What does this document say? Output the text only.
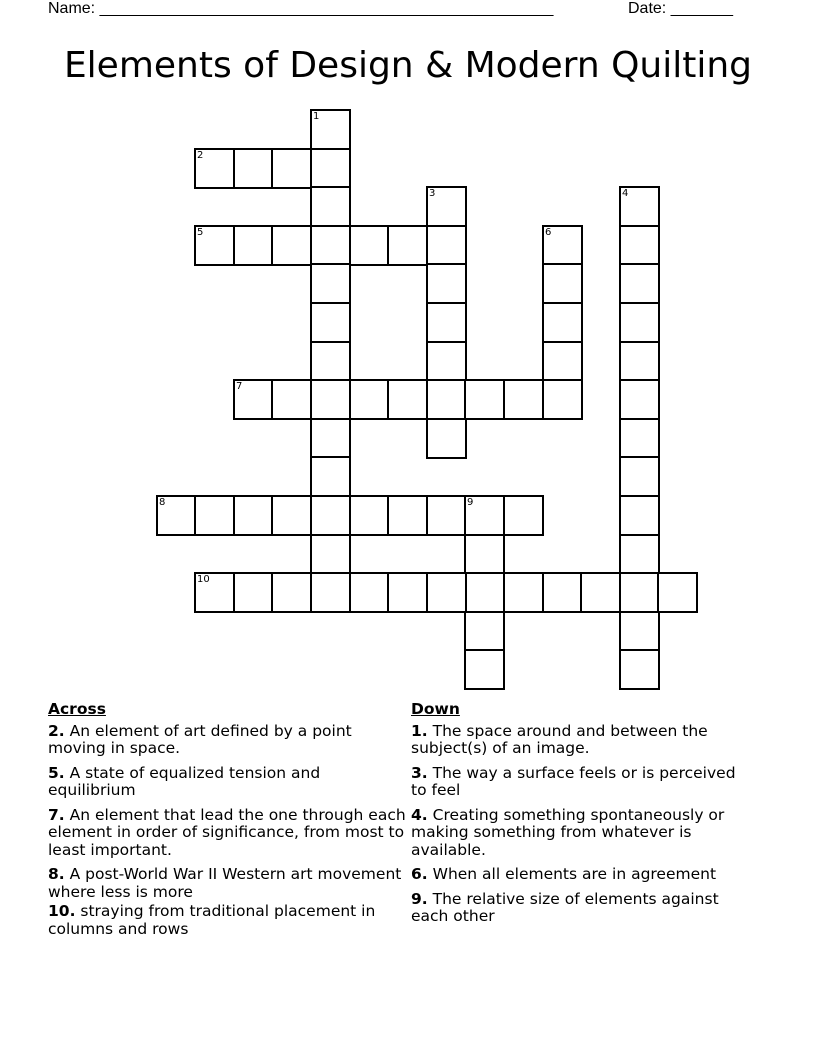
Name: ___________________________________________________	Date: _______
Elements of Design & Modern Quilting
1
2
3	4
5	6
7
8	9
10
Across
2. An element of art defined by a point moving in space.
5. A state of equalized tension and equilibrium
7. An element that lead the one through each element in order of significance, from most to least important.
8. A post-World War II Western art movement where less is more
10. straying from traditional placement in columns and rows
Down
1. The space around and between the subject(s) of an image.
3. The way a surface feels or is perceived to feel
4. Creating something spontaneously or making something from whatever is available.
6. When all elements are in agreement
9. The relative size of elements against each other
